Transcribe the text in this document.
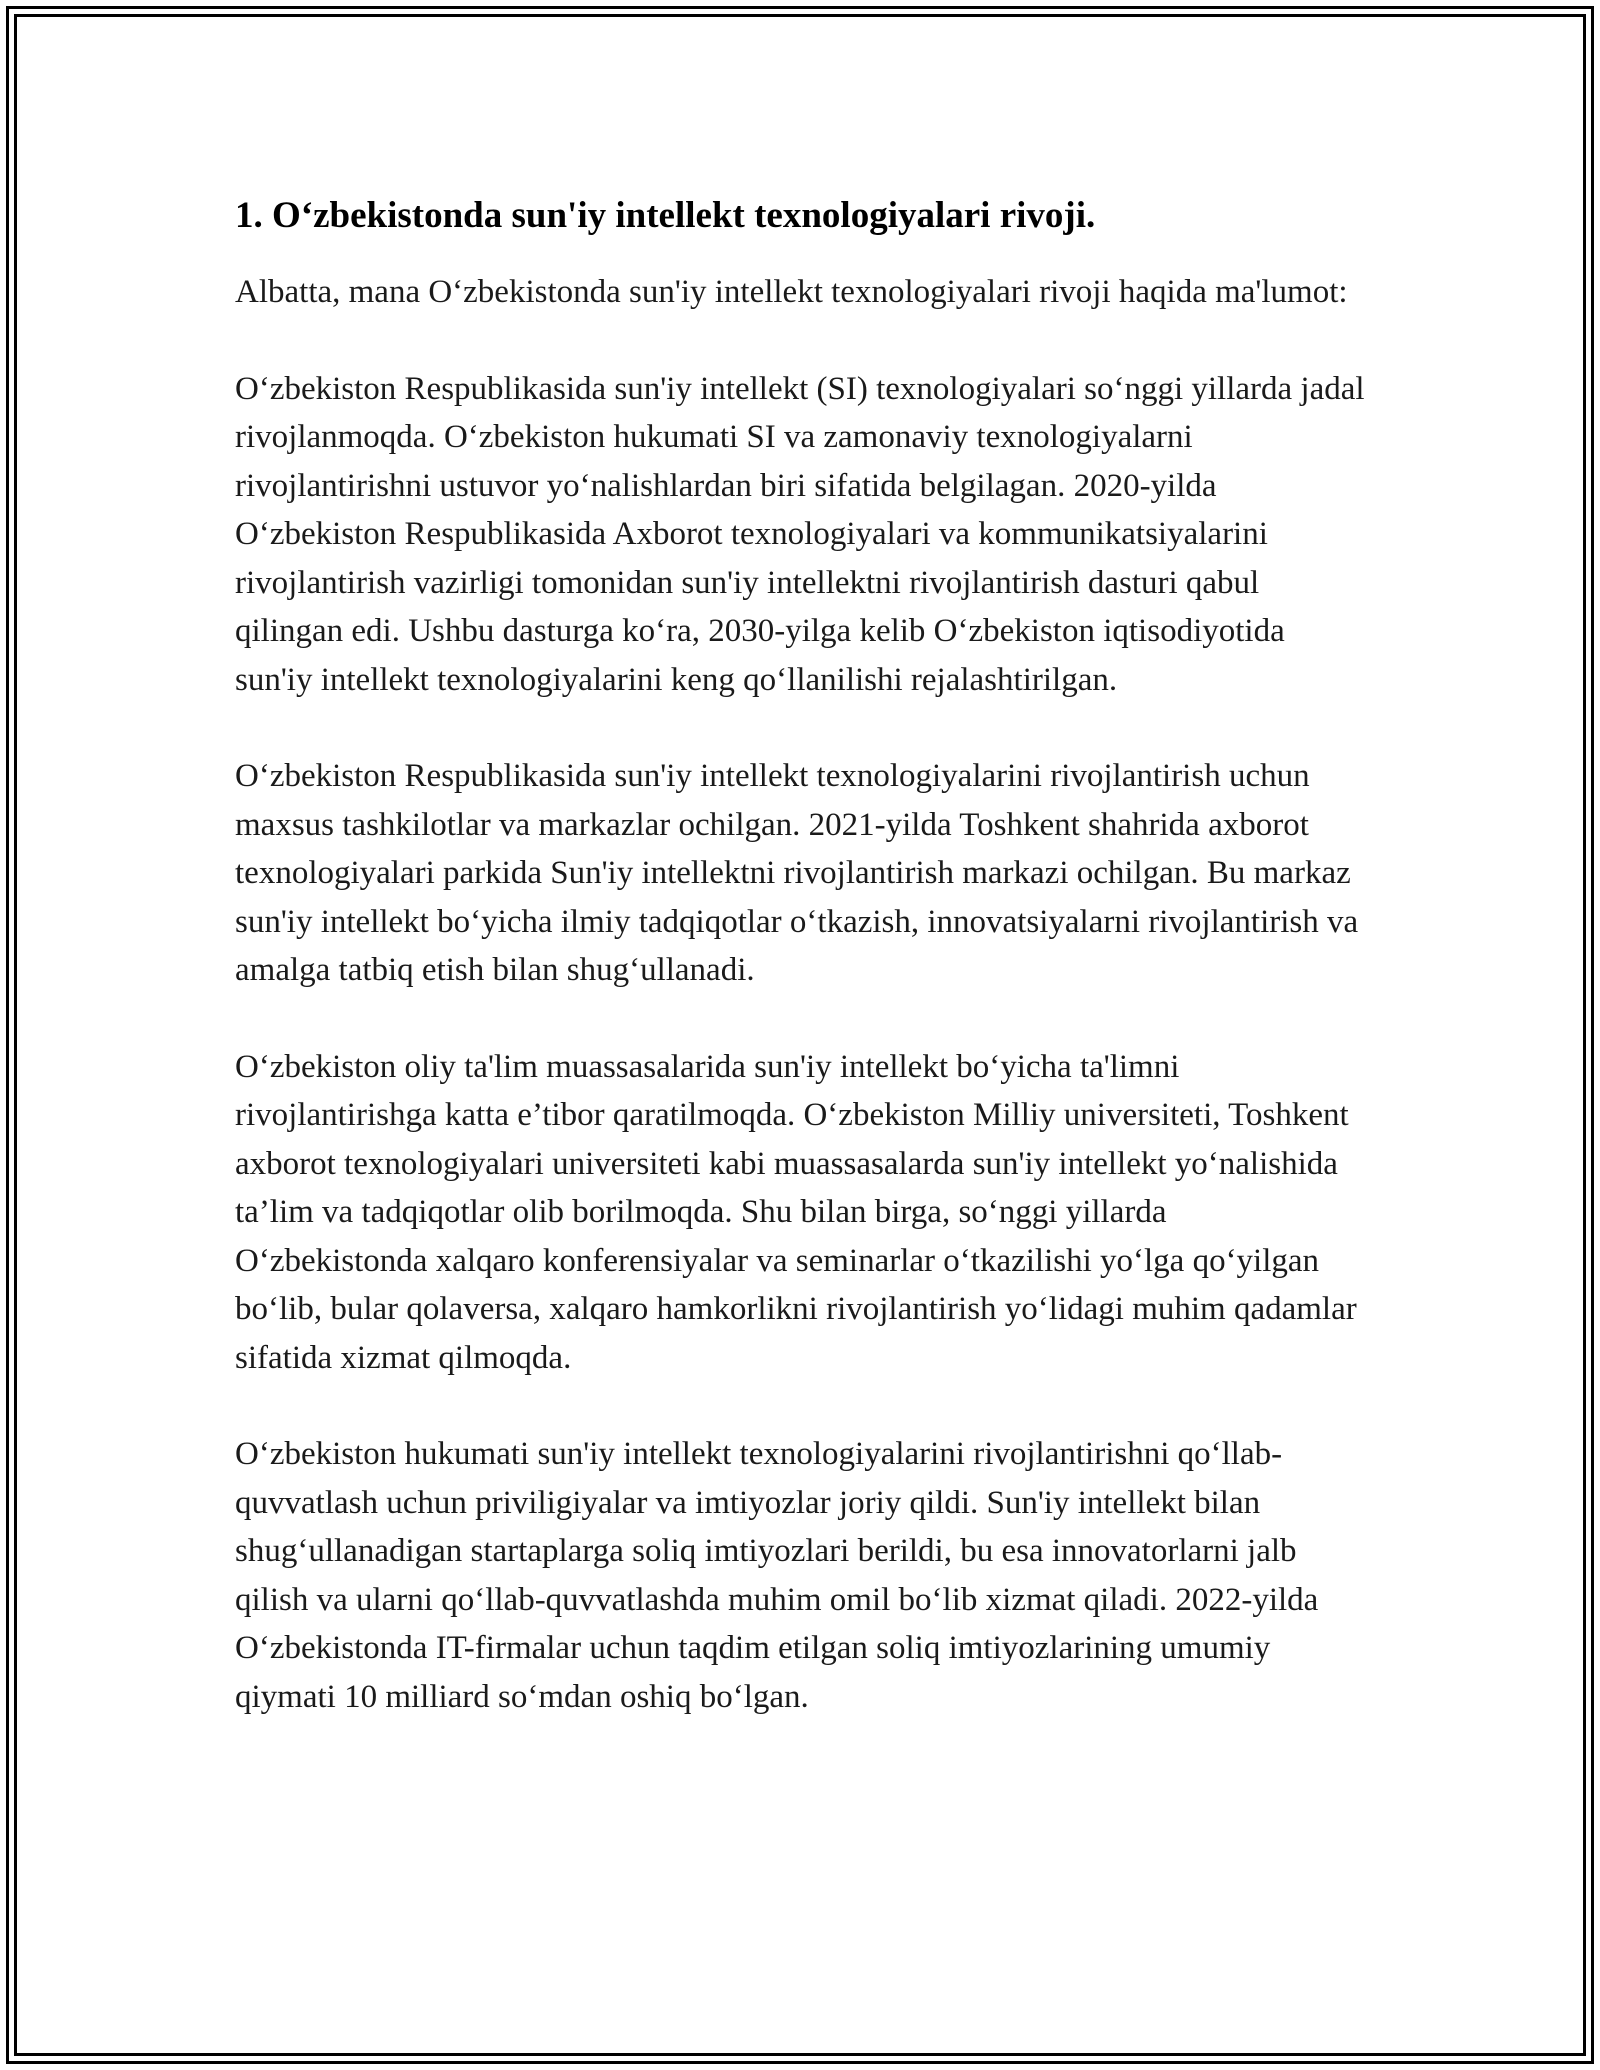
1. O‘zbekistonda sun'iy intellekt texnologiyalari rivoji.

Albatta, mana O‘zbekistonda sun'iy intellekt texnologiyalari rivoji haqida ma'lumot:

O‘zbekiston Respublikasida sun'iy intellekt (SI) texnologiyalari so‘nggi yillarda jadal rivojlanmoqda. O‘zbekiston hukumati SI va zamonaviy texnologiyalarni rivojlantirishni ustuvor yo‘nalishlardan biri sifatida belgilagan. 2020-yilda O‘zbekiston Respublikasida Axborot texnologiyalari va kommunikatsiyalarini rivojlantirish vazirligi tomonidan sun'iy intellektni rivojlantirish dasturi qabul qilingan edi. Ushbu dasturga ko‘ra, 2030-yilga kelib O‘zbekiston iqtisodiyotida sun'iy intellekt texnologiyalarini keng qo‘llanilishi rejalashtirilgan.

O‘zbekiston Respublikasida sun'iy intellekt texnologiyalarini rivojlantirish uchun maxsus tashkilotlar va markazlar ochilgan. 2021-yilda Toshkent shahrida axborot texnologiyalari parkida Sun'iy intellektni rivojlantirish markazi ochilgan. Bu markaz sun'iy intellekt bo‘yicha ilmiy tadqiqotlar o‘tkazish, innovatsiyalarni rivojlantirish va amalga tatbiq etish bilan shug‘ullanadi.

O‘zbekiston oliy ta'lim muassasalarida sun'iy intellekt bo‘yicha ta'limni rivojlantirishga katta e’tibor qaratilmoqda. O‘zbekiston Milliy universiteti, Toshkent axborot texnologiyalari universiteti kabi muassasalarda sun'iy intellekt yo‘nalishida ta’lim va tadqiqotlar olib borilmoqda. Shu bilan birga, so‘nggi yillarda O‘zbekistonda xalqaro konferensiyalar va seminarlar o‘tkazilishi yo‘lga qo‘yilgan bo‘lib, bular qolaversa, xalqaro hamkorlikni rivojlantirish yo‘lidagi muhim qadamlar sifatida xizmat qilmoqda.

O‘zbekiston hukumati sun'iy intellekt texnologiyalarini rivojlantirishni qo‘llab-quvvatlash uchun priviligiyalar va imtiyozlar joriy qildi. Sun'iy intellekt bilan shug‘ullanadigan startaplarga soliq imtiyozlari berildi, bu esa innovatorlarni jalb qilish va ularni qo‘llab-quvvatlashda muhim omil bo‘lib xizmat qiladi. 2022-yilda O‘zbekistonda IT-firmalar uchun taqdim etilgan soliq imtiyozlarining umumiy qiymati 10 milliard so‘mdan oshiq bo‘lgan.
